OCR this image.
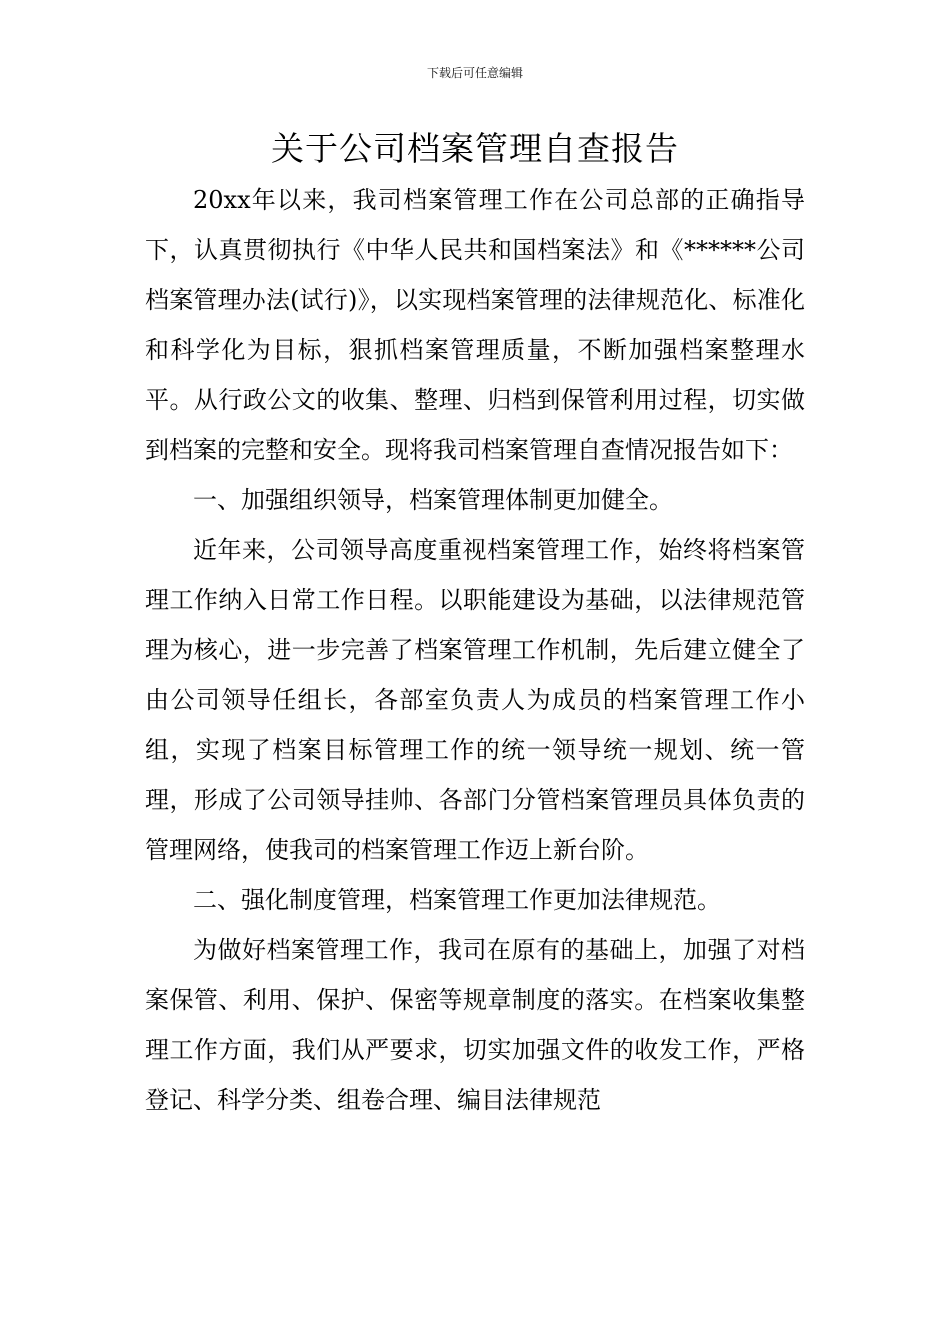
下载后可任意编辑
关于公司档案管理自查报告

20xx年以来，我司档案管理工作在公司总部的正确指导下，认真贯彻执行《中华人民共和国档案法》和《******公司档案管理办法(试行)》，以实现档案管理的法律规范化、标准化和科学化为目标，狠抓档案管理质量，不断加强档案整理水平。从行政公文的收集、整理、归档到保管利用过程，切实做到档案的完整和安全。现将我司档案管理自查情况报告如下：

一、加强组织领导，档案管理体制更加健全。

近年来，公司领导高度重视档案管理工作，始终将档案管理工作纳入日常工作日程。以职能建设为基础，以法律规范管理为核心，进一步完善了档案管理工作机制，先后建立健全了由公司领导任组长，各部室负责人为成员的档案管理工作小组，实现了档案目标管理工作的统一领导统一规划、统一管理，形成了公司领导挂帅、各部门分管档案管理员具体负责的管理网络，使我司的档案管理工作迈上新台阶。

二、强化制度管理，档案管理工作更加法律规范。

为做好档案管理工作，我司在原有的基础上，加强了对档案保管、利用、保护、保密等规章制度的落实。在档案收集整理工作方面，我们从严要求，切实加强文件的收发工作，严格登记、科学分类、组卷合理、编目法律规范
